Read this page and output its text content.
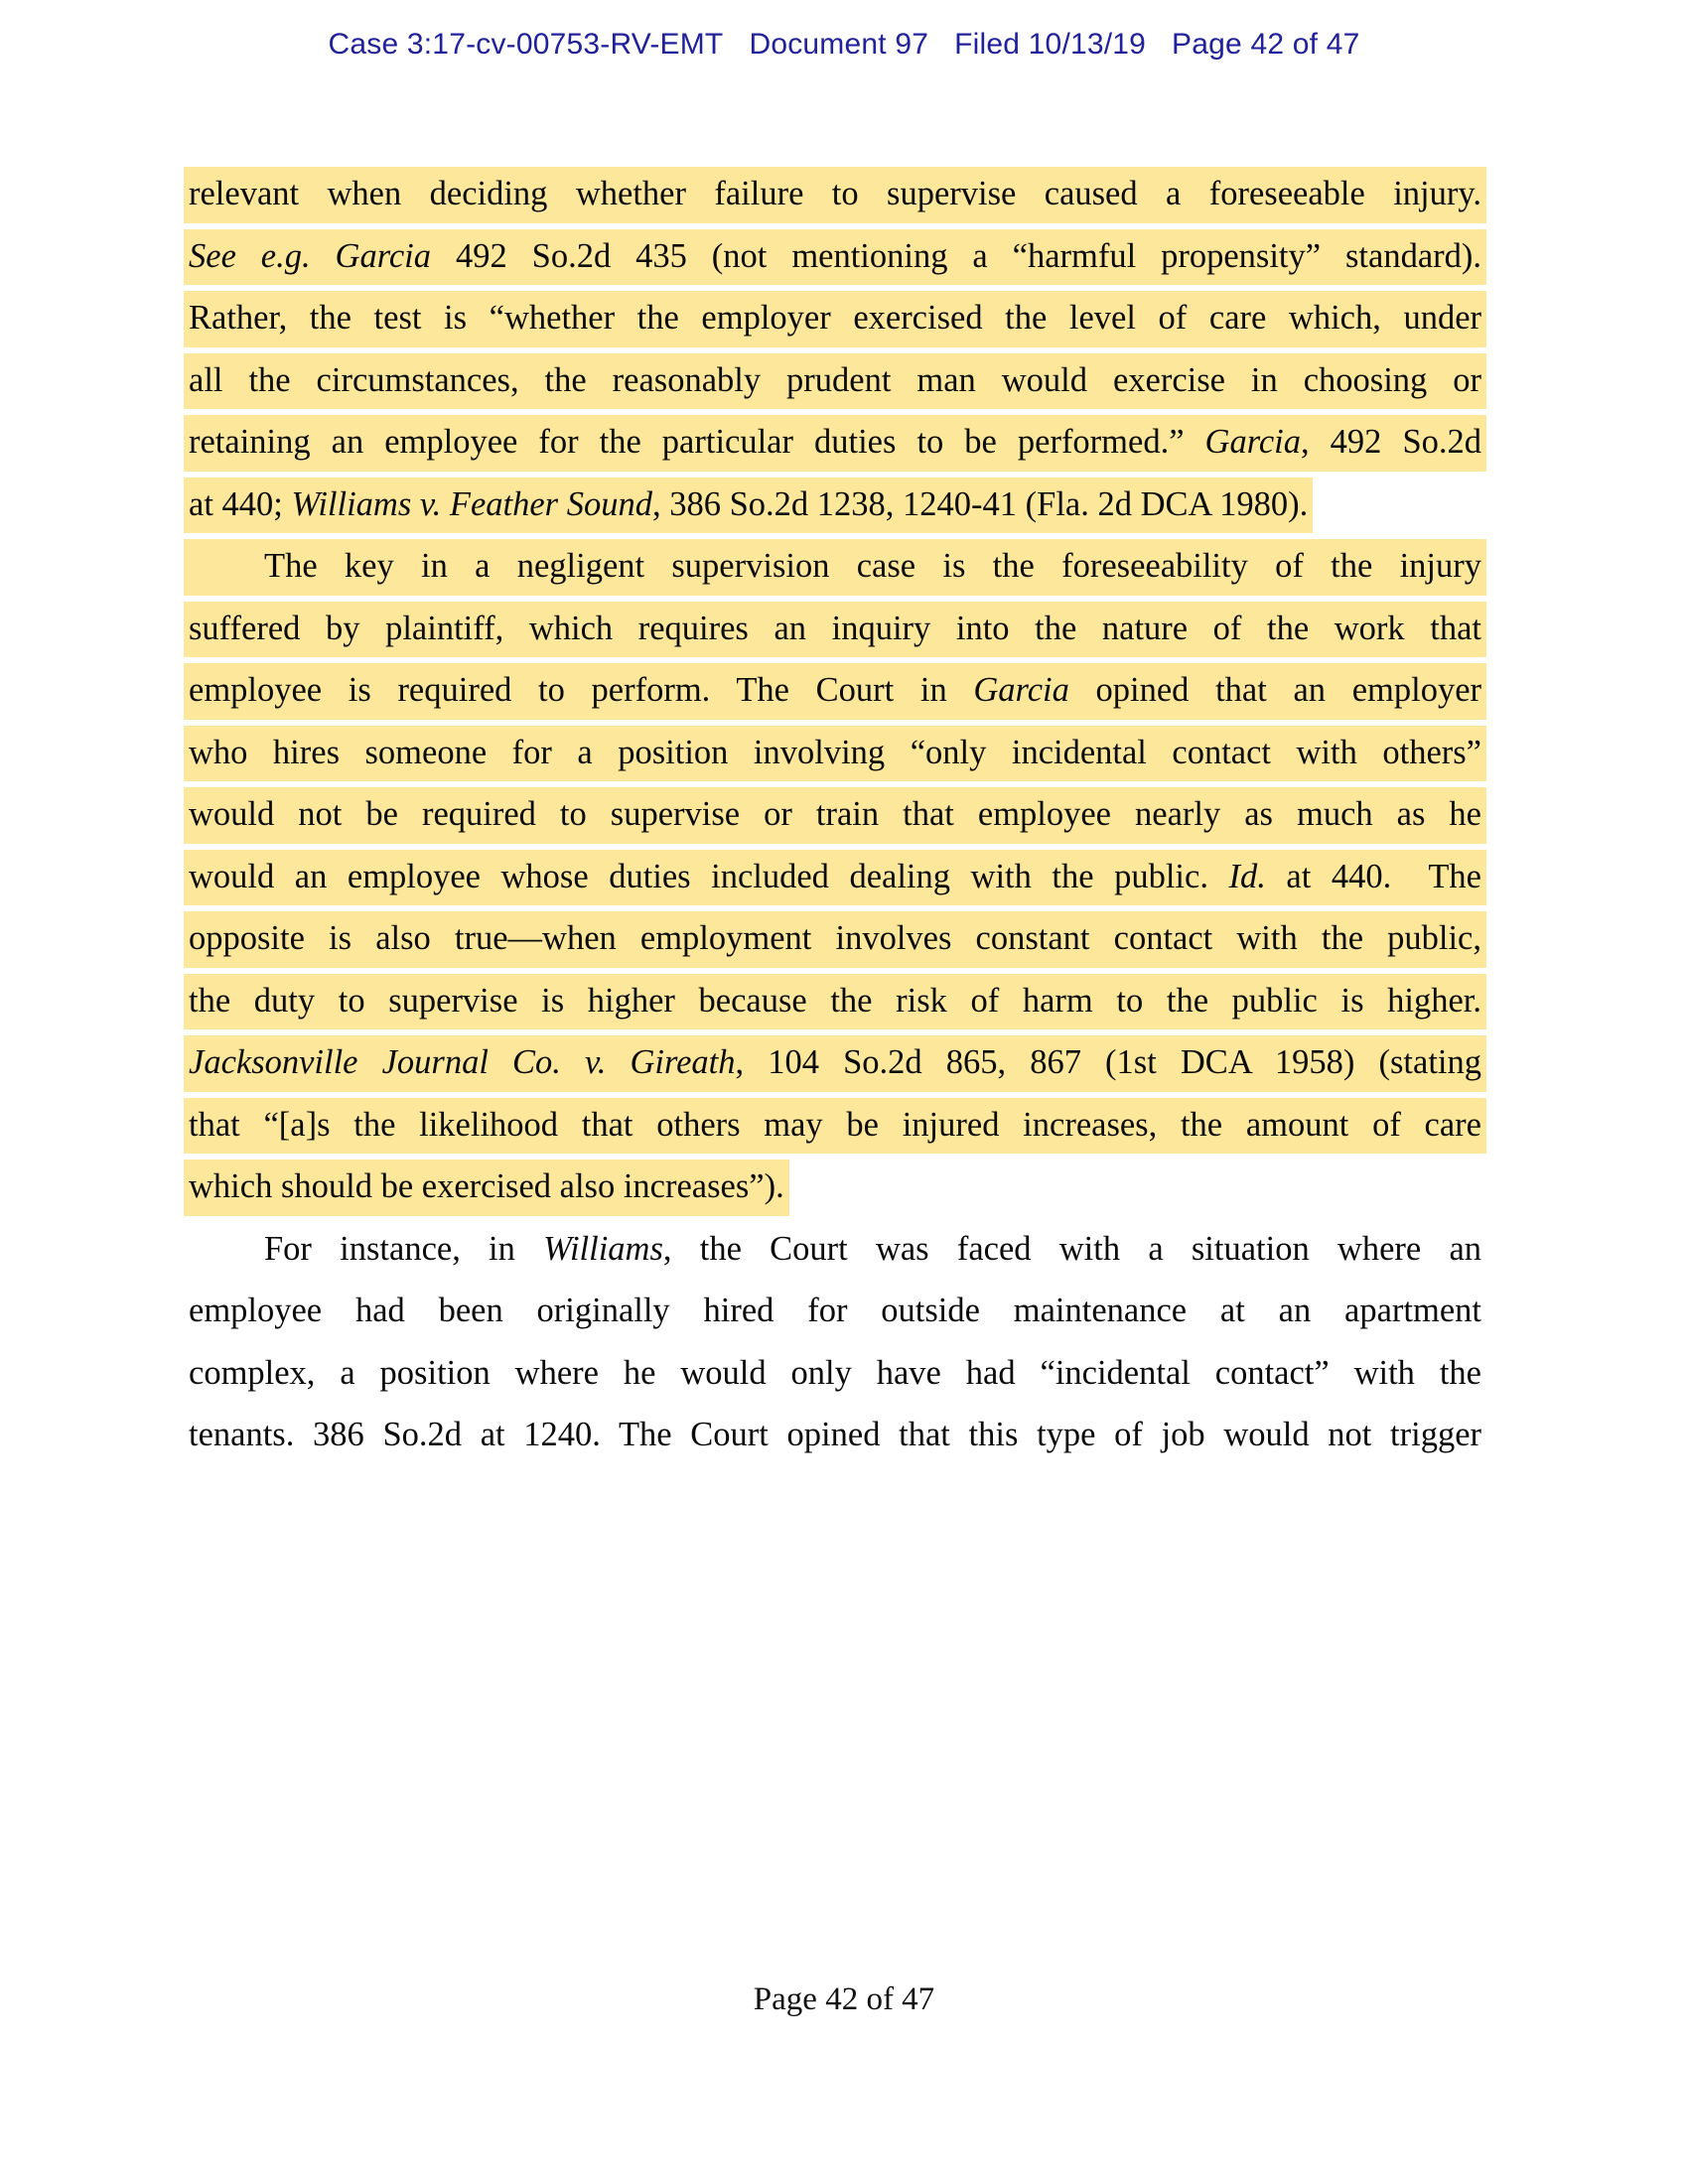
Case 3:17-cv-00753-RV-EMT Document 97 Filed 10/13/19 Page 42 of 47
relevant when deciding whether failure to supervise caused a foreseeable injury.
See e.g. Garcia 492 So.2d 435 (not mentioning a “harmful propensity” standard).
Rather, the test is “whether the employer exercised the level of care which, under
all the circumstances, the reasonably prudent man would exercise in choosing or
retaining an employee for the particular duties to be performed.” Garcia, 492 So.2d
at 440; Williams v. Feather Sound, 386 So.2d 1238, 1240-41 (Fla. 2d DCA 1980).
The key in a negligent supervision case is the foreseeability of the injury
suffered by plaintiff, which requires an inquiry into the nature of the work that
employee is required to perform. The Court in Garcia opined that an employer
who hires someone for a position involving “only incidental contact with others”
would not be required to supervise or train that employee nearly as much as he
would an employee whose duties included dealing with the public. Id. at 440.  The
opposite is also true—when employment involves constant contact with the public,
the duty to supervise is higher because the risk of harm to the public is higher.
Jacksonville Journal Co. v. Gireath, 104 So.2d 865, 867 (1st DCA 1958) (stating
that “[a]s the likelihood that others may be injured increases, the amount of care
which should be exercised also increases”).
For instance, in Williams, the Court was faced with a situation where an
employee had been originally hired for outside maintenance at an apartment
complex, a position where he would only have had “incidental contact” with the
tenants. 386 So.2d at 1240. The Court opined that this type of job would not trigger
Page 42 of 47
